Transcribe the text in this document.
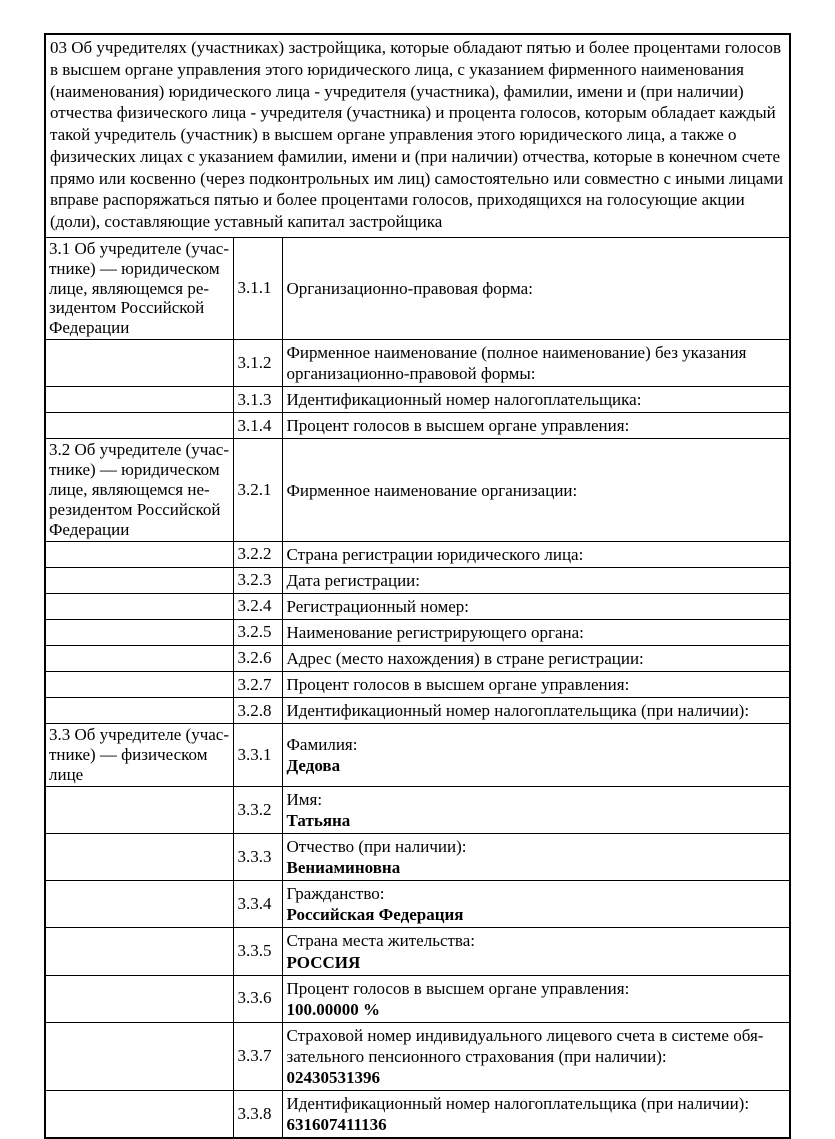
03 Об учредителях (участниках) застройщика, которые обладают пятью и более процентами голосов в высшем органе управления этого юридического лица, с указанием фирменного наименования (наименования) юридического лица - учредителя (участника), фамилии, имени и (при наличии) отчества физического лица - учредителя (участника) и процента голосов, которым обладает каждый такой учредитель (участник) в высшем органе управления этого юридического лица, а также о физических лицах с указанием фамилии, имени и (при наличии) отчества, которые в конечном счете прямо или косвенно (через подконтрольных им лиц) самостоятельно или совместно с иными лицами вправе распоряжаться пятью и более процентами голосов, приходящихся на голосующие акции (доли), составляющие уставный капитал застройщика		
3.1 Об учредителе (участнике) — юридическом лице, являющемся резидентом Российской Федерации	3.1.1	Организационно-правовая форма:

	3.1.2	Фирменное наименование (полное наименование) без указания организационно-правовой формы:

	3.1.3	Идентификационный номер налогоплательщика:

	3.1.4	Процент голосов в высшем органе управления:

3.2 Об учредителе (участнике) — юридическом лице, являющемся нерезидентом Российской Федерации	3.2.1	Фирменное наименование организации:

	3.2.2	Страна регистрации юридического лица:

	3.2.3	Дата регистрации:

	3.2.4	Регистрационный номер:

	3.2.5	Наименование регистрирующего органа:

	3.2.6	Адрес (место нахождения) в стране регистрации:

	3.2.7	Процент голосов в высшем органе управления:

	3.2.8	Идентификационный номер налогоплательщика (при наличии):

3.3 Об учредителе (участнике) — физическом лице	3.3.1	Фамилия:
Дедова

	3.3.2	Имя:
Татьяна

	3.3.3	Отчество (при наличии):
Вениаминовна

	3.3.4	Гражданство:
Российская Федерация

	3.3.5	Страна места жительства:
РОССИЯ

	3.3.6	Процент голосов в высшем органе управления:
100.00000 %

	3.3.7	Страховой номер индивидуального лицевого счета в системе обязательного пенсионного страхования (при наличии):
02430531396

	3.3.8	Идентификационный номер налогоплательщика (при наличии):
631607411136
